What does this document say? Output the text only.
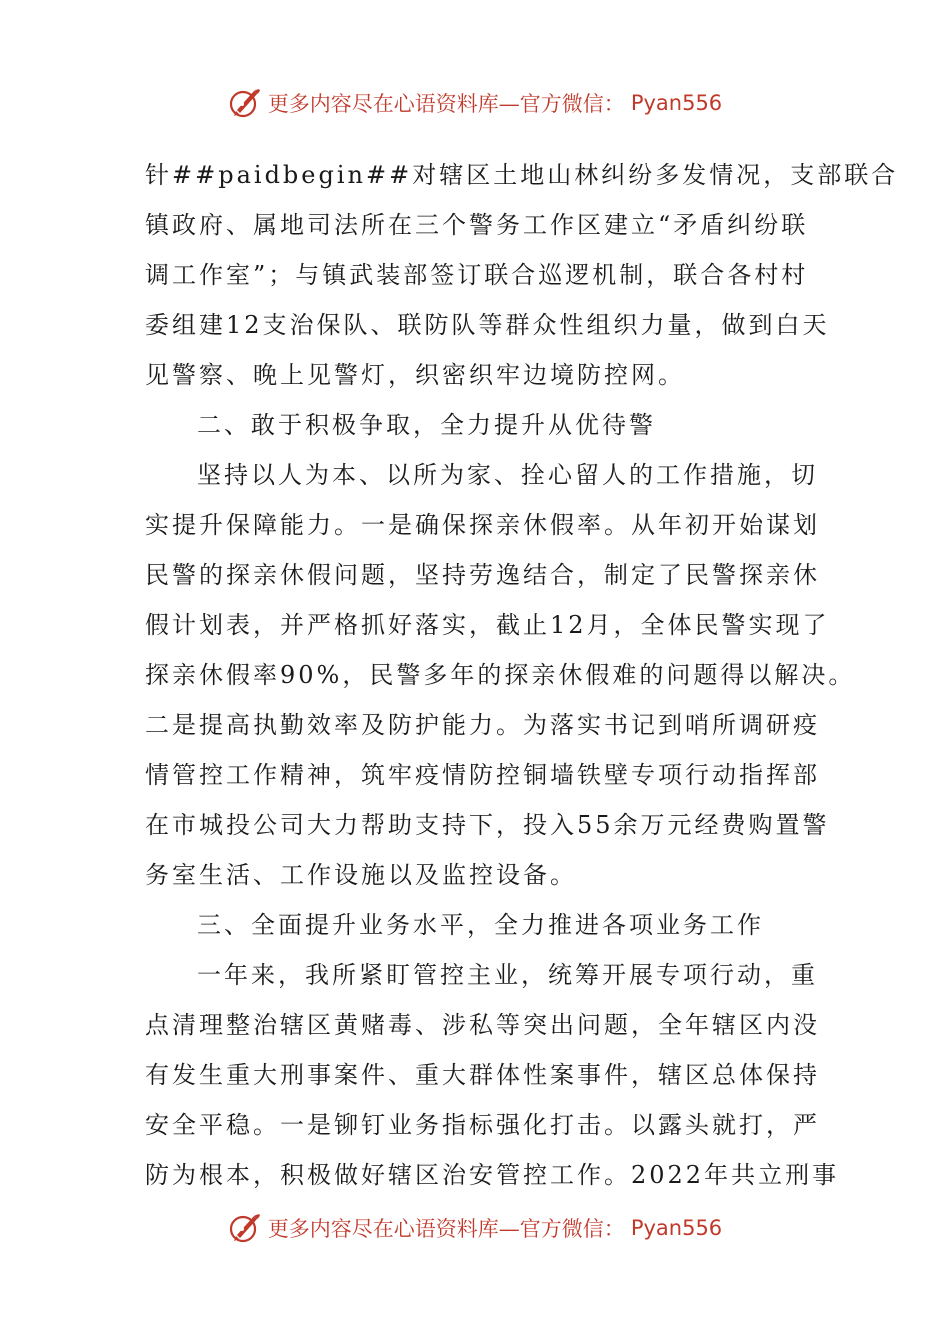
更多内容尽在心语资料库—官方微信： Pyan556
针##paidbegin##对辖区土地山林纠纷多发情况，支部联合
镇政府、属地司法所在三个警务工作区建立“矛盾纠纷联
调工作室”；与镇武装部签订联合巡逻机制，联合各村村
委组建12支治保队、联防队等群众性组织力量，做到白天
见警察、晚上见警灯，织密织牢边境防控网。
二、敢于积极争取，全力提升从优待警
坚持以人为本、以所为家、拴心留人的工作措施，切
实提升保障能力。一是确保探亲休假率。从年初开始谋划
民警的探亲休假问题，坚持劳逸结合，制定了民警探亲休
假计划表，并严格抓好落实，截止12月，全体民警实现了
探亲休假率90%，民警多年的探亲休假难的问题得以解决。
二是提高执勤效率及防护能力。为落实书记到哨所调研疫
情管控工作精神，筑牢疫情防控铜墙铁壁专项行动指挥部
在市城投公司大力帮助支持下，投入55余万元经费购置警
务室生活、工作设施以及监控设备。
三、全面提升业务水平，全力推进各项业务工作
一年来，我所紧盯管控主业，统筹开展专项行动，重
点清理整治辖区黄赌毒、涉私等突出问题，全年辖区内没
有发生重大刑事案件、重大群体性案事件，辖区总体保持
安全平稳。一是铆钉业务指标强化打击。以露头就打，严
防为根本，积极做好辖区治安管控工作。2022年共立刑事
更多内容尽在心语资料库—官方微信： Pyan556
